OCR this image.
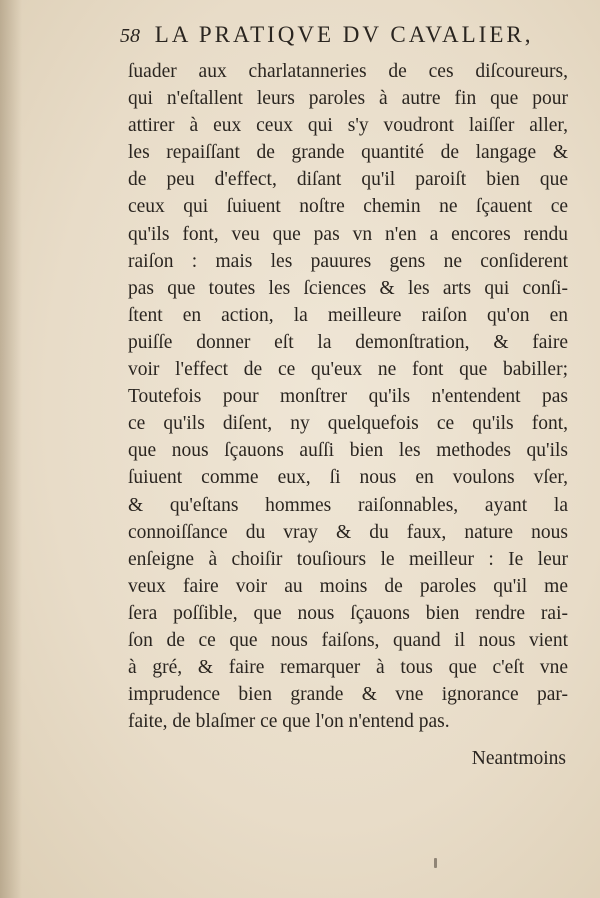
58 LA PRATIQVE DV CAVALIER,
ſuader aux charlatanneries de ces diſcoureurs,
qui n'eſtallent leurs paroles à autre fin que pour
attirer à eux ceux qui s'y voudront laiſſer aller,
les repaiſſant de grande quantité de langage &
de peu d'effect, diſant qu'il paroiſt bien que
ceux qui ſuiuent noſtre chemin ne ſçauent ce
qu'ils font, veu que pas vn n'en a encores rendu
raiſon : mais les pauures gens ne conſiderent
pas que toutes les ſciences & les arts qui conſi-
ſtent en action, la meilleure raiſon qu'on en
puiſſe donner eſt la demonſtration, & faire
voir l'effect de ce qu'eux ne font que babiller;
Toutefois pour monſtrer qu'ils n'entendent pas
ce qu'ils diſent, ny quelquefois ce qu'ils font,
que nous ſçauons auſſi bien les methodes qu'ils
ſuiuent comme eux, ſi nous en voulons vſer,
& qu'eſtans hommes raiſonnables, ayant la
connoiſſance du vray & du faux, nature nous
enſeigne à choiſir touſiours le meilleur : Ie leur
veux faire voir au moins de paroles qu'il me
ſera poſſible, que nous ſçauons bien rendre rai-
ſon de ce que nous faiſons, quand il nous vient
à gré, & faire remarquer à tous que c'eſt vne
imprudence bien grande & vne ignorance par-
faite, de blaſmer ce que l'on n'entend pas.
Neantmoins
